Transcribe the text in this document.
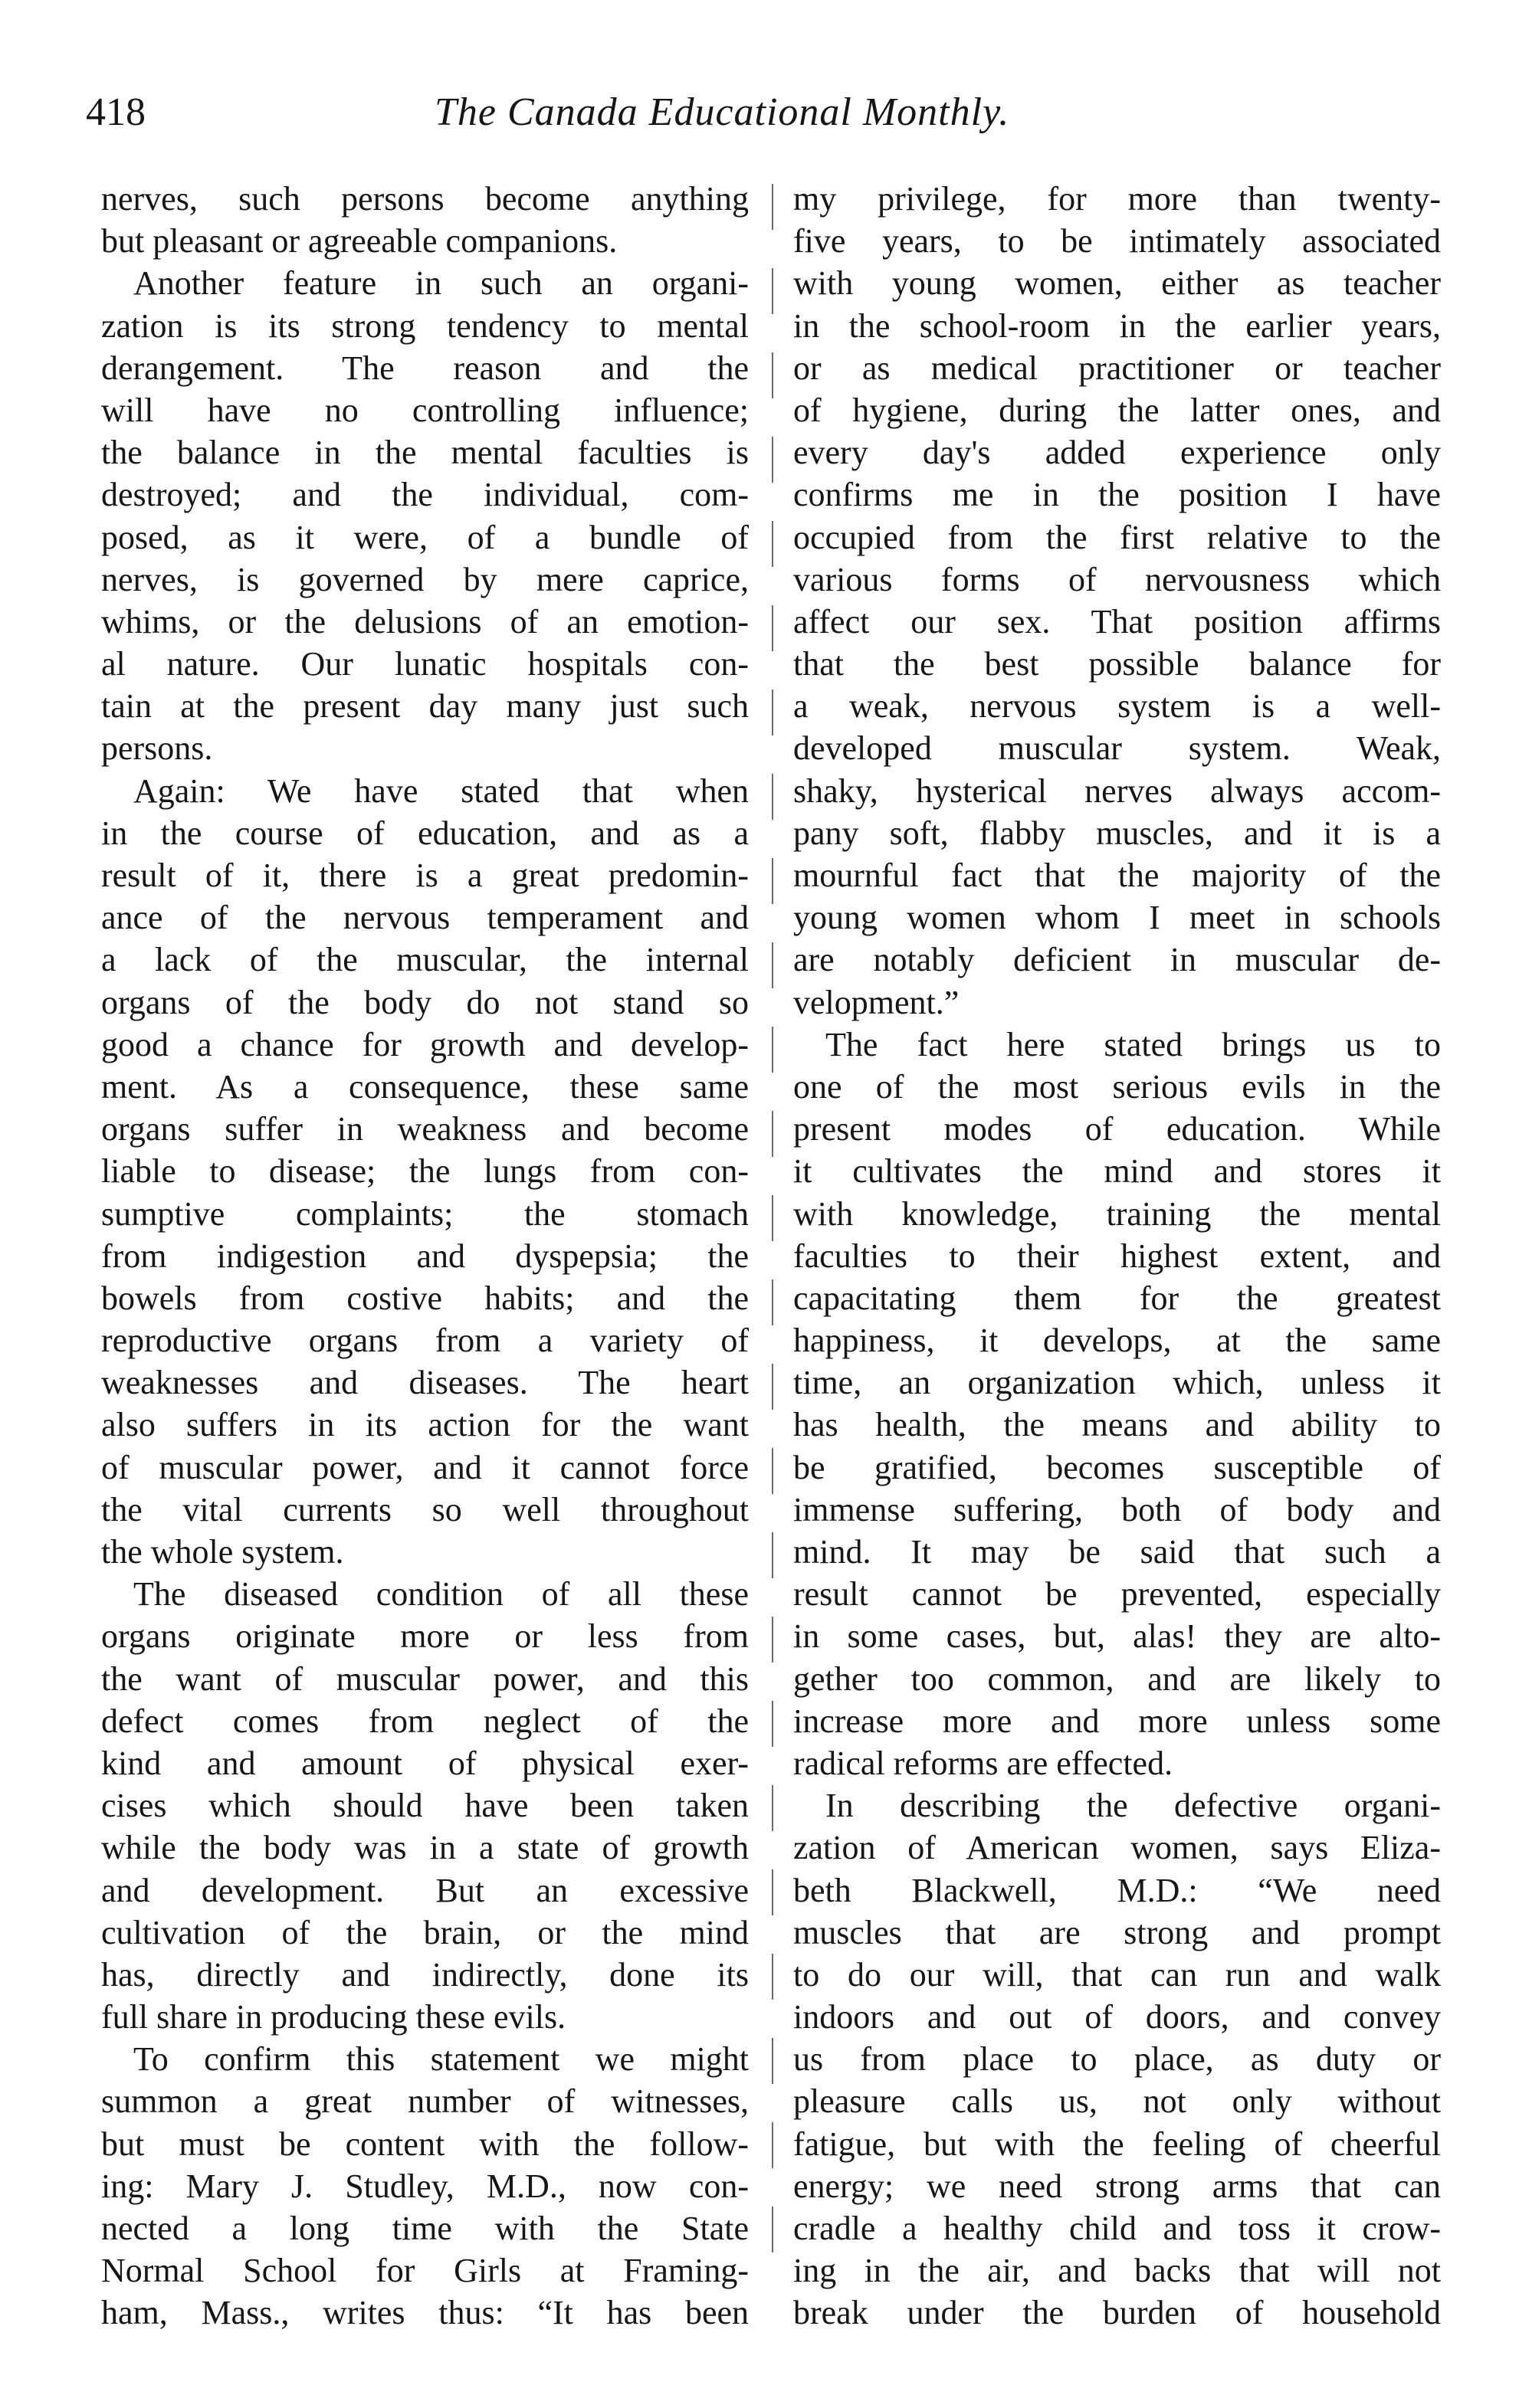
418	The Canada Educational Monthly.
nerves, such persons become anything
but pleasant or agreeable companions.
Another feature in such an organi-
zation is its strong tendency to mental
derangement. The reason and the
will have no controlling influence;
the balance in the mental faculties is
destroyed; and the individual, com-
posed, as it were, of a bundle of
nerves, is governed by mere caprice,
whims, or the delusions of an emotion-
al nature. Our lunatic hospitals con-
tain at the present day many just such
persons.
Again: We have stated that when
in the course of education, and as a
result of it, there is a great predomin-
ance of the nervous temperament and
a lack of the muscular, the internal
organs of the body do not stand so
good a chance for growth and develop-
ment. As a consequence, these same
organs suffer in weakness and become
liable to disease; the lungs from con-
sumptive complaints; the stomach
from indigestion and dyspepsia; the
bowels from costive habits; and the
reproductive organs from a variety of
weaknesses and diseases. The heart
also suffers in its action for the want
of muscular power, and it cannot force
the vital currents so well throughout
the whole system.
The diseased condition of all these
organs originate more or less from
the want of muscular power, and this
defect comes from neglect of the
kind and amount of physical exer-
cises which should have been taken
while the body was in a state of growth
and development. But an excessive
cultivation of the brain, or the mind
has, directly and indirectly, done its
full share in producing these evils.
To confirm this statement we might
summon a great number of witnesses,
but must be content with the follow-
ing: Mary J. Studley, M.D., now con-
nected a long time with the State
Normal School for Girls at Framing-
ham, Mass., writes thus: “It has been
my privilege, for more than twenty-
five years, to be intimately associated
with young women, either as teacher
in the school-room in the earlier years,
or as medical practitioner or teacher
of hygiene, during the latter ones, and
every day's added experience only
confirms me in the position I have
occupied from the first relative to the
various forms of nervousness which
affect our sex. That position affirms
that the best possible balance for
a weak, nervous system is a well-
developed muscular system. Weak,
shaky, hysterical nerves always accom-
pany soft, flabby muscles, and it is a
mournful fact that the majority of the
young women whom I meet in schools
are notably deficient in muscular de-
velopment.”
The fact here stated brings us to
one of the most serious evils in the
present modes of education. While
it cultivates the mind and stores it
with knowledge, training the mental
faculties to their highest extent, and
capacitating them for the greatest
happiness, it develops, at the same
time, an organization which, unless it
has health, the means and ability to
be gratified, becomes susceptible of
immense suffering, both of body and
mind. It may be said that such a
result cannot be prevented, especially
in some cases, but, alas! they are alto-
gether too common, and are likely to
increase more and more unless some
radical reforms are effected.
In describing the defective organi-
zation of American women, says Eliza-
beth Blackwell, M.D.: “We need
muscles that are strong and prompt
to do our will, that can run and walk
indoors and out of doors, and convey
us from place to place, as duty or
pleasure calls us, not only without
fatigue, but with the feeling of cheerful
energy; we need strong arms that can
cradle a healthy child and toss it crow-
ing in the air, and backs that will not
break under the burden of household
